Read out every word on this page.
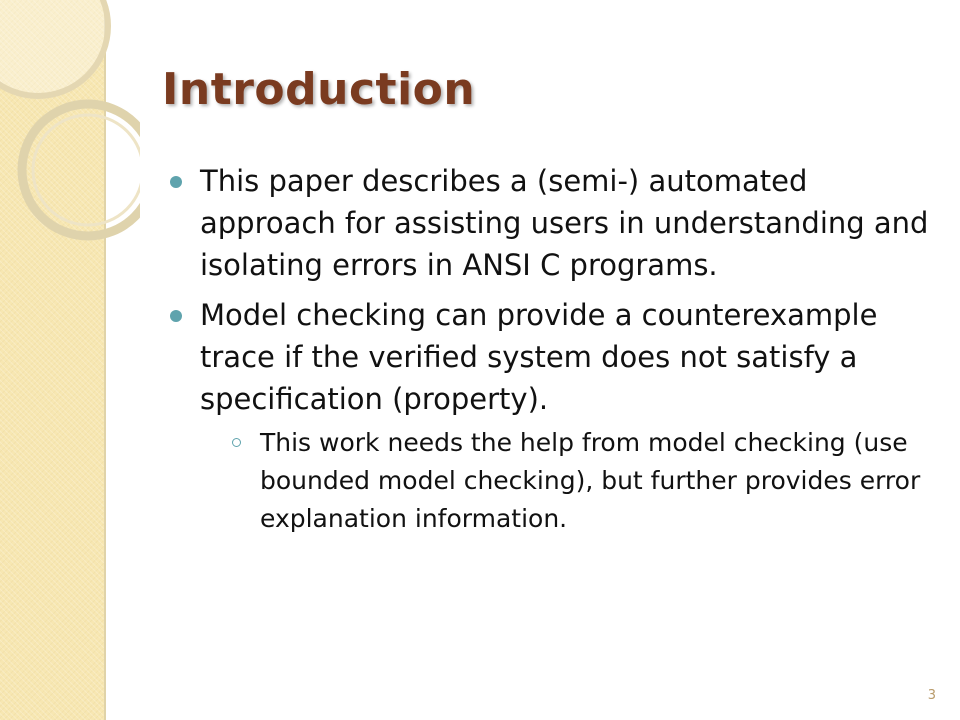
Introduction
This paper describes a (semi-) automated approach for assisting users in understanding and isolating errors in ANSI C programs.
Model checking can provide a counterexample trace if the verified system does not satisfy a specification (property).
This work needs the help from model checking (use bounded model checking), but further provides error explanation information.
3
